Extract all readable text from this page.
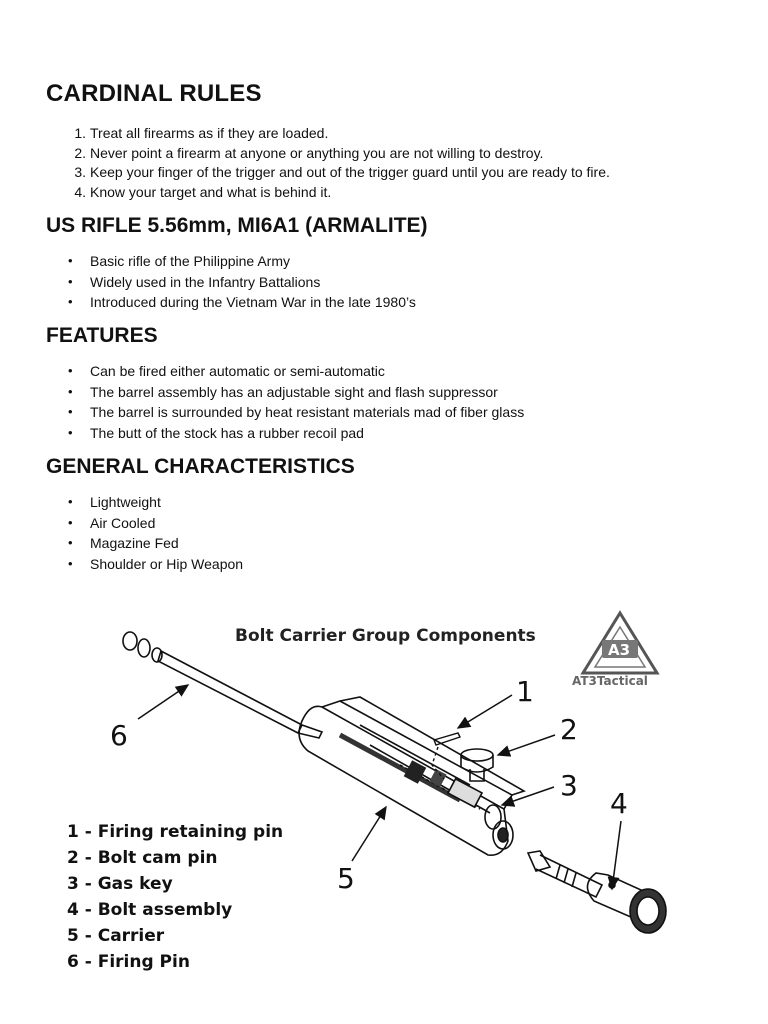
CARDINAL RULES
1. Treat all firearms as if they are loaded.
2. Never point a firearm at anyone or anything you are not willing to destroy.
3. Keep your finger of the trigger and out of the trigger guard until you are ready to fire.
4. Know your target and what is behind it.
US RIFLE 5.56mm, MI6A1 (ARMALITE)
• Basic rifle of the Philippine Army
• Widely used in the Infantry Battalions
• Introduced during the Vietnam War in the late 1980’s
FEATURES
• Can be fired either automatic or semi-automatic
• The barrel assembly has an adjustable sight and flash suppressor
• The barrel is surrounded by heat resistant materials mad of fiber glass
• The butt of the stock has a rubber recoil pad
GENERAL CHARACTERISTICS
• Lightweight
• Air Cooled
• Magazine Fed
• Shoulder or Hip Weapon
Bolt Carrier Group Components
A3
AT3Tactical
1
2
3
4
5
6
1 - Firing retaining pin
2 - Bolt cam pin
3 - Gas key
4 - Bolt assembly
5 - Carrier
6 - Firing Pin
